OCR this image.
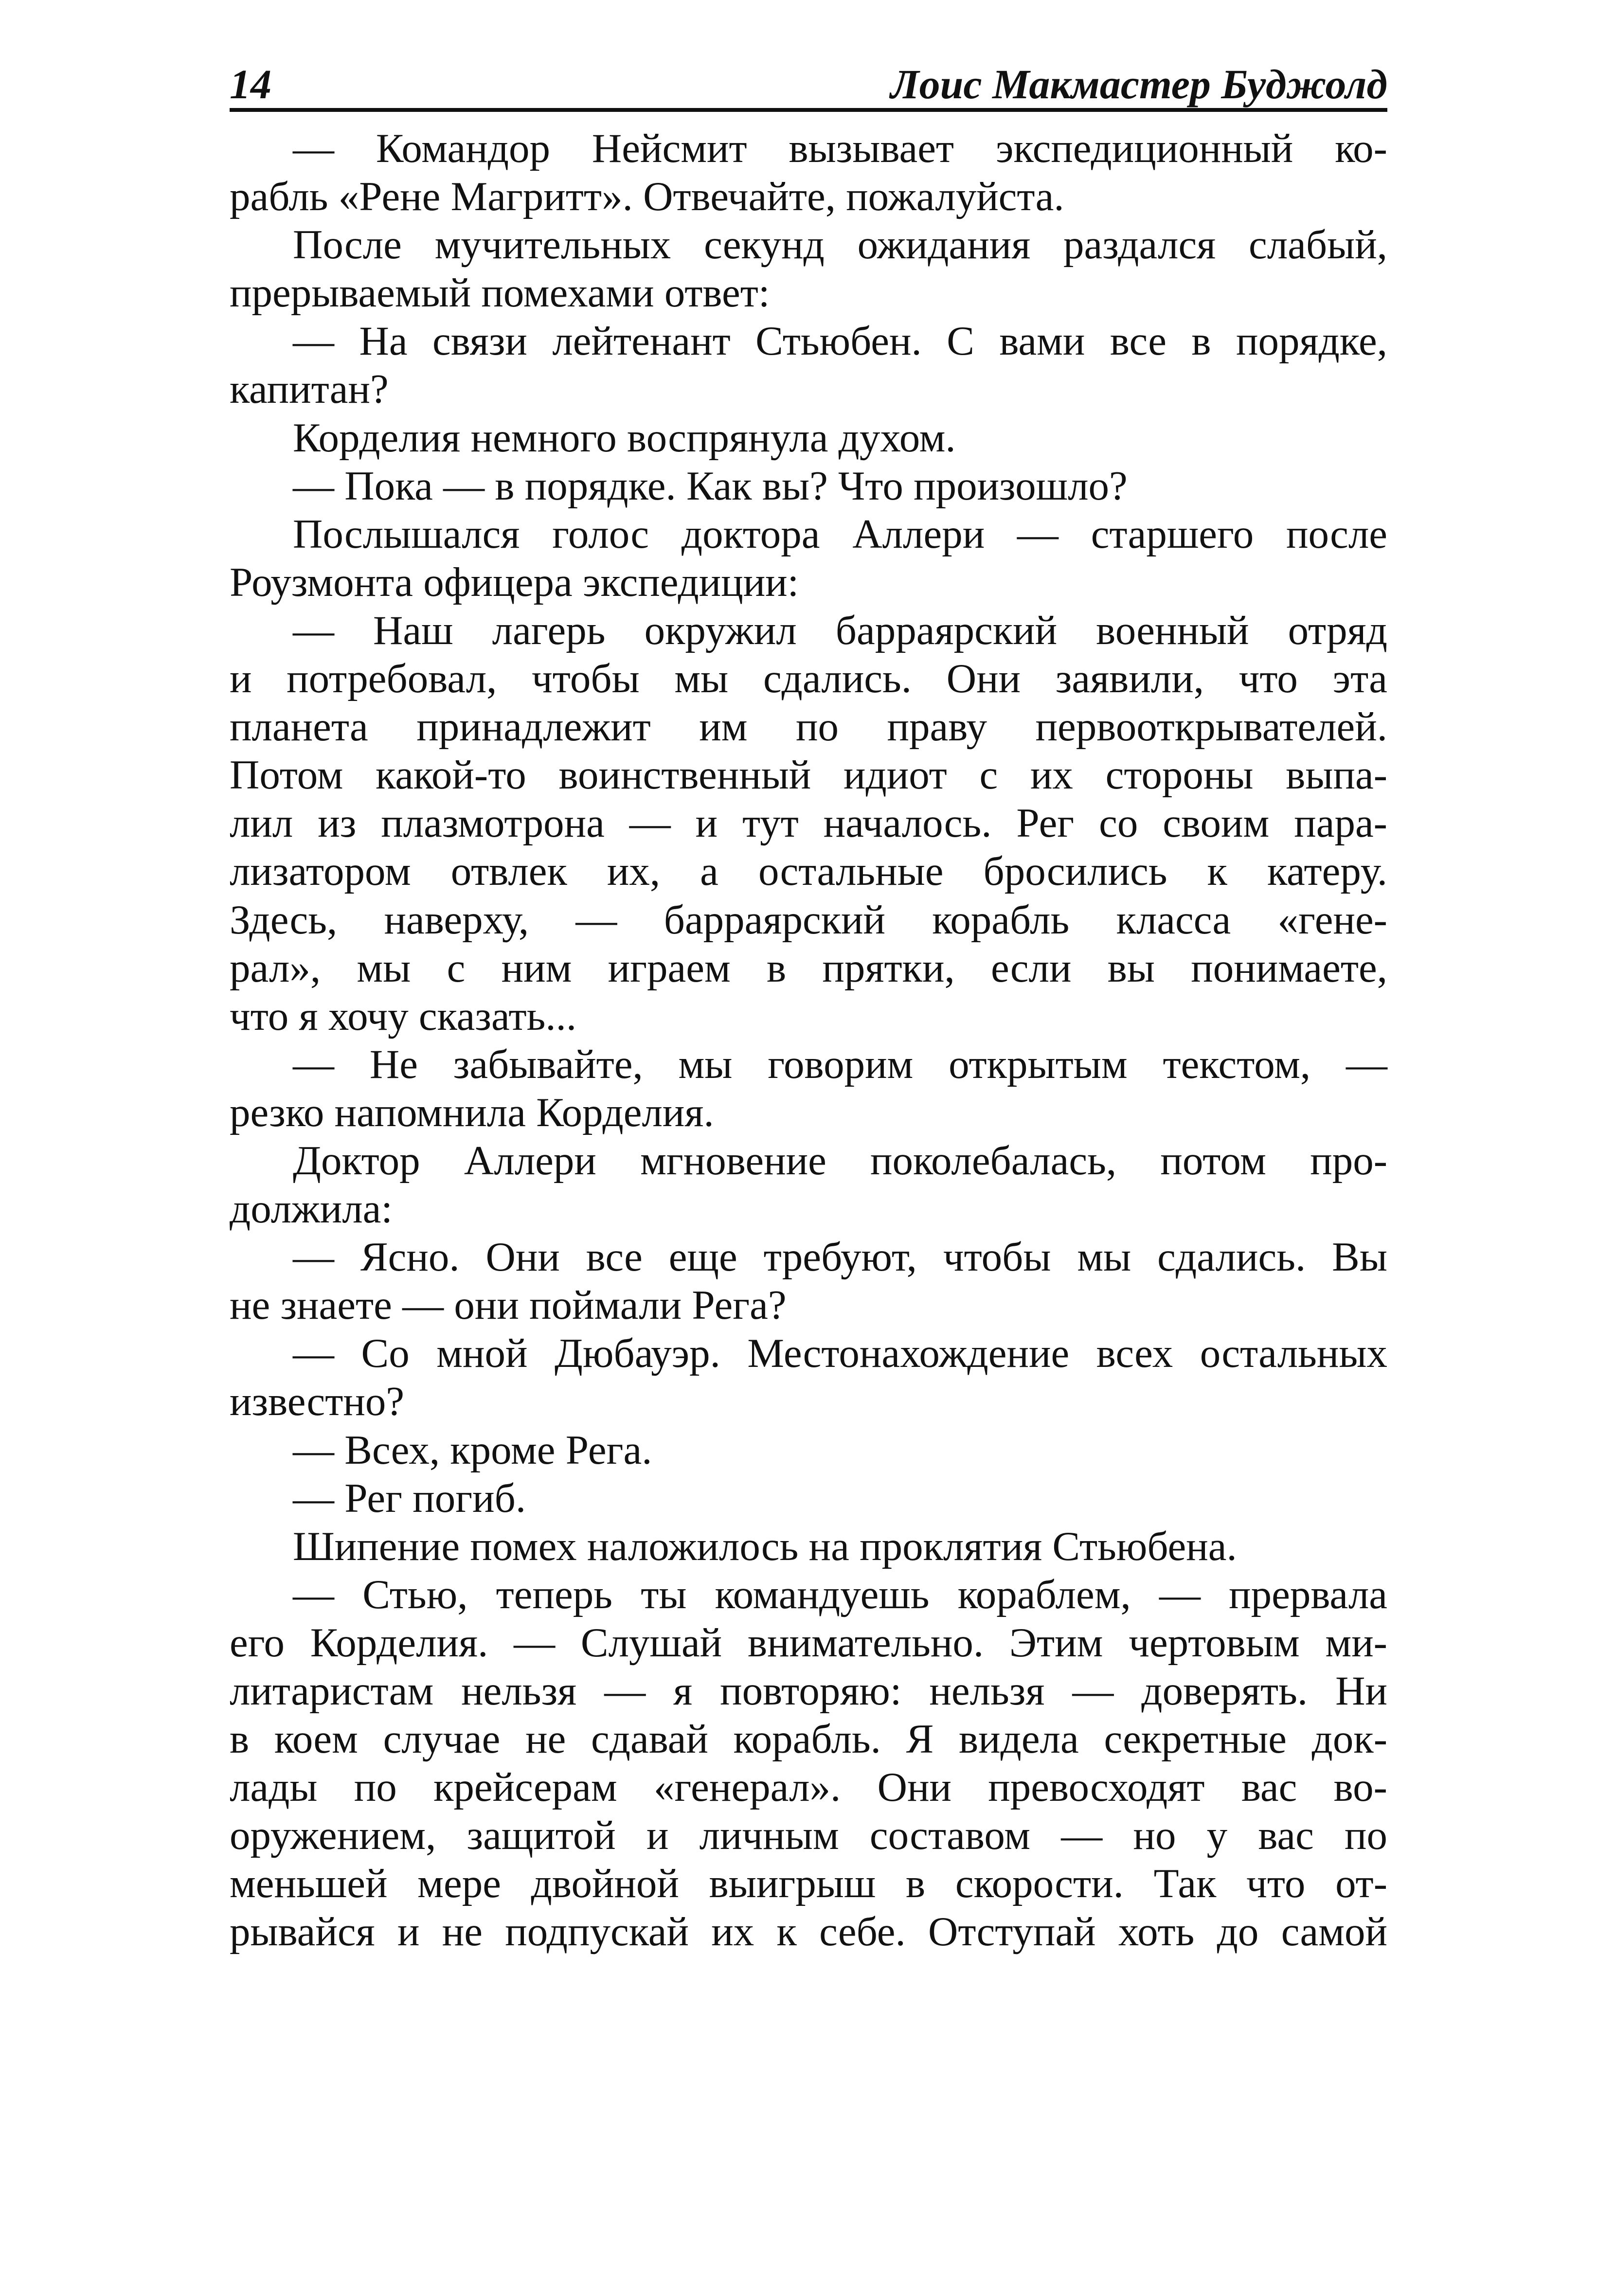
14	Лоис Макмастер Буджолд
— Командор Нейсмит вызывает экспедиционный ко-
рабль «Рене Магритт». Отвечайте, пожалуйста.
После мучительных секунд ожидания раздался слабый,
прерываемый помехами ответ:
— На связи лейтенант Стьюбен. С вами все в порядке,
капитан?
Корделия немного воспрянула духом.
— Пока — в порядке. Как вы? Что произошло?
Послышался голос доктора Аллери — старшего после
Роузмонта офицера экспедиции:
— Наш лагерь окружил барраярский военный отряд
и потребовал, чтобы мы сдались. Они заявили, что эта
планета принадлежит им по праву первооткрывателей.
Потом какой-то воинственный идиот с их стороны выпа-
лил из плазмотрона — и тут началось. Рег со своим пара-
лизатором отвлек их, а остальные бросились к катеру.
Здесь, наверху, — барраярский корабль класса «гене-
рал», мы с ним играем в прятки, если вы понимаете,
что я хочу сказать...
— Не забывайте, мы говорим открытым текстом, —
резко напомнила Корделия.
Доктор Аллери мгновение поколебалась, потом про-
должила:
— Ясно. Они все еще требуют, чтобы мы сдались. Вы
не знаете — они поймали Рега?
— Со мной Дюбауэр. Местонахождение всех остальных
известно?
— Всех, кроме Рега.
— Рег погиб.
Шипение помех наложилось на проклятия Стьюбена.
— Стью, теперь ты командуешь кораблем, — прервала
его Корделия. — Слушай внимательно. Этим чертовым ми-
литаристам нельзя — я повторяю: нельзя — доверять. Ни
в коем случае не сдавай корабль. Я видела секретные док-
лады по крейсерам «генерал». Они превосходят вас во-
оружением, защитой и личным составом — но у вас по
меньшей мере двойной выигрыш в скорости. Так что от-
рывайся и не подпускай их к себе. Отступай хоть до самой
